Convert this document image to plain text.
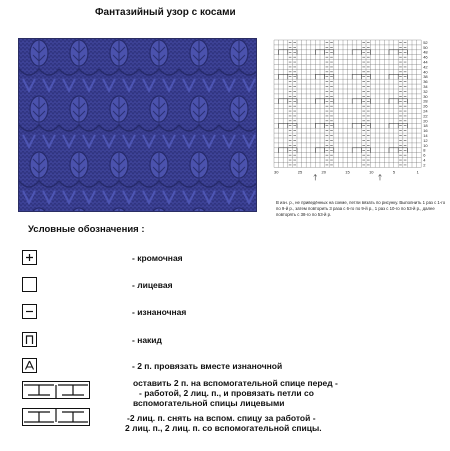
Фантазийный узор с косами
52
50
48
46
44
42
40
38
36
34
32
30
28
26
24
22
20
18
16
14
12
10
8
6
4
2
30	25	20	15	10	5	1
В изн. р., не приведённых на схеме, петли вязать по рисунку. Выполнить 1 раз с 1-го по 9-й р., затем повторить 3 раза с 6-го по 9-й р., 1 раз с 10-го по 53-й р., далее повторять с 38-го по 53-й р.
Условные обозначения :
- кромочная
- лицевая
- изнаночная
- накид
- 2 п. провязать вместе изнаночной
оставить 2 п. на вспомогательной спице перед -
- работой, 2 лиц. п., и провязать петли со
вспомогательной спицы лицевыми
-2 лиц. п. снять на вспом. спицу за работой -
2 лиц. п., 2 лиц. п. со вспомогательной спицы.
